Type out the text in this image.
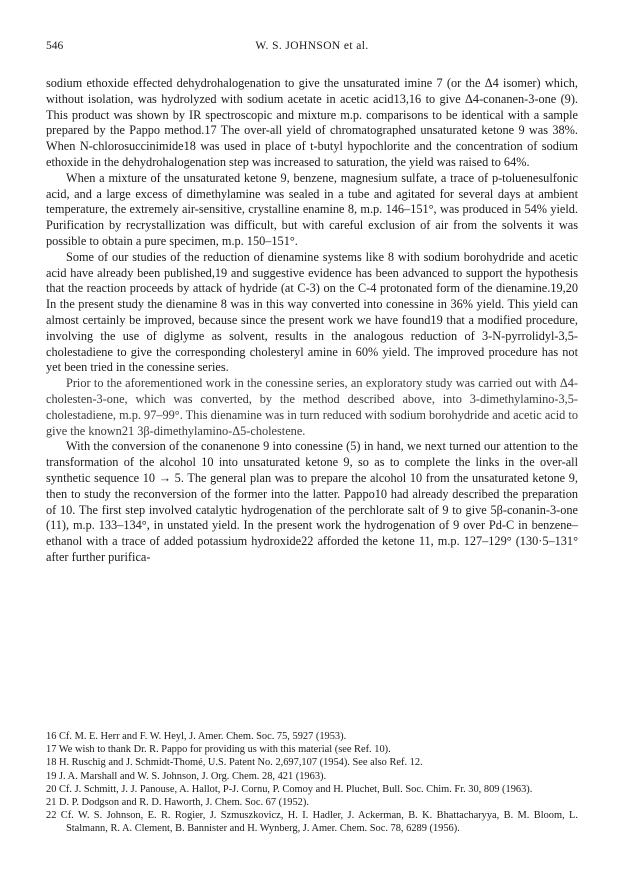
546	W. S. JOHNSON et al.

sodium ethoxide effected dehydrohalogenation to give the unsaturated imine 7 (or the Δ4 isomer) which, without isolation, was hydrolyzed with sodium acetate in acetic acid13,16 to give Δ4-conanen-3-one (9). This product was shown by IR spectroscopic and mixture m.p. comparisons to be identical with a sample prepared by the Pappo method.17 The over-all yield of chromatographed unsaturated ketone 9 was 38%. When N-chlorosuccinimide18 was used in place of t-butyl hypochlorite and the concentration of sodium ethoxide in the dehydrohalogenation step was increased to saturation, the yield was raised to 64%.

When a mixture of the unsaturated ketone 9, benzene, magnesium sulfate, a trace of p-toluenesulfonic acid, and a large excess of dimethylamine was sealed in a tube and agitated for several days at ambient temperature, the extremely air-sensitive, crystalline enamine 8, m.p. 146–151°, was produced in 54% yield. Purification by recrystallization was difficult, but with careful exclusion of air from the solvents it was possible to obtain a pure specimen, m.p. 150–151°.

Some of our studies of the reduction of dienamine systems like 8 with sodium borohydride and acetic acid have already been published,19 and suggestive evidence has been advanced to support the hypothesis that the reaction proceeds by attack of hydride (at C-3) on the C-4 protonated form of the dienamine.19,20 In the present study the dienamine 8 was in this way converted into conessine in 36% yield. This yield can almost certainly be improved, because since the present work we have found19 that a modified procedure, involving the use of diglyme as solvent, results in the analogous reduction of 3-N-pyrrolidyl-3,5-cholestadiene to give the corresponding cholesteryl amine in 60% yield. The improved procedure has not yet been tried in the conessine series.

Prior to the aforementioned work in the conessine series, an exploratory study was carried out with Δ4-cholesten-3-one, which was converted, by the method described above, into 3-dimethylamino-3,5-cholestadiene, m.p. 97–99°. This dienamine was in turn reduced with sodium borohydride and acetic acid to give the known21 3β-dimethylamino-Δ5-cholestene.

With the conversion of the conanenone 9 into conessine (5) in hand, we next turned our attention to the transformation of the alcohol 10 into unsaturated ketone 9, so as to complete the links in the over-all synthetic sequence 10 → 5. The general plan was to prepare the alcohol 10 from the unsaturated ketone 9, then to study the reconversion of the former into the latter. Pappo10 had already described the preparation of 10. The first step involved catalytic hydrogenation of the perchlorate salt of 9 to give 5β-conanin-3-one (11), m.p. 133–134°, in unstated yield. In the present work the hydrogenation of 9 over Pd-C in benzene–ethanol with a trace of added potassium hydroxide22 afforded the ketone 11, m.p. 127–129° (130·5–131° after further purifica-

16 Cf. M. E. Herr and F. W. Heyl, J. Amer. Chem. Soc. 75, 5927 (1953).

17 We wish to thank Dr. R. Pappo for providing us with this material (see Ref. 10).

18 H. Ruschig and J. Schmidt-Thomé, U.S. Patent No. 2,697,107 (1954). See also Ref. 12.

19 J. A. Marshall and W. S. Johnson, J. Org. Chem. 28, 421 (1963).

20 Cf. J. Schmitt, J. J. Panouse, A. Hallot, P-J. Cornu, P. Comoy and H. Pluchet, Bull. Soc. Chim. Fr. 30, 809 (1963).

21 D. P. Dodgson and R. D. Haworth, J. Chem. Soc. 67 (1952).

22 Cf. W. S. Johnson, E. R. Rogier, J. Szmuszkovicz, H. I. Hadler, J. Ackerman, B. K. Bhattacharyya, B. M. Bloom, L. Stalmann, R. A. Clement, B. Bannister and H. Wynberg, J. Amer. Chem. Soc. 78, 6289 (1956).
